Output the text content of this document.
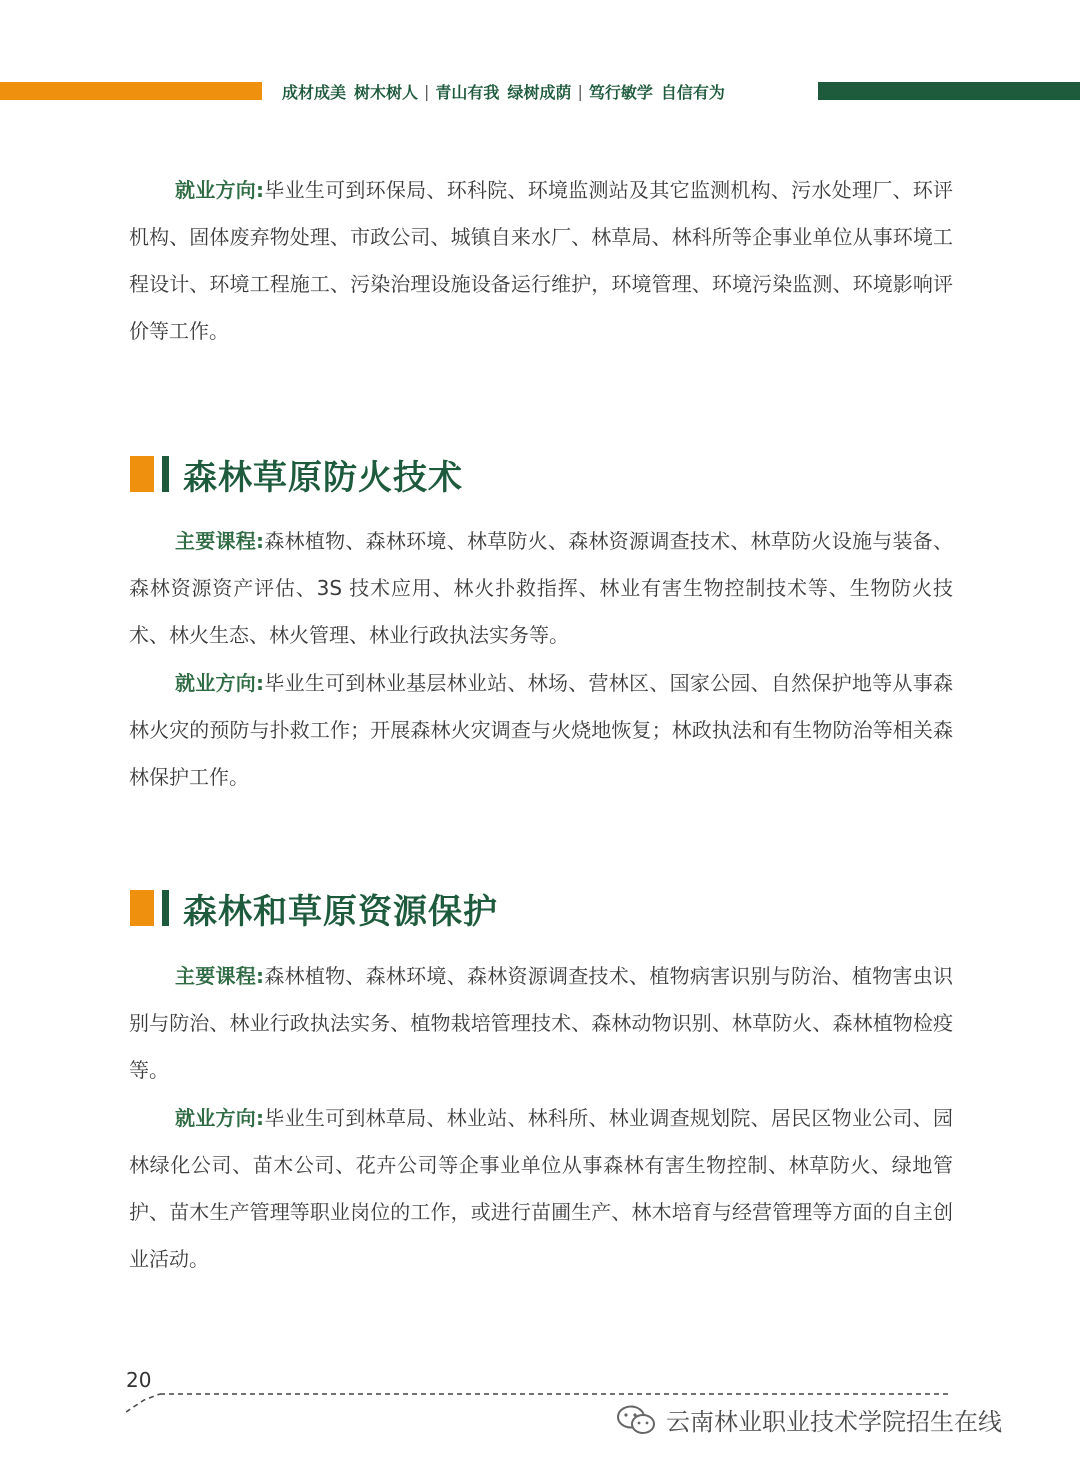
成材成美 树木树人 | 青山有我 绿树成荫 | 笃行敏学 自信有为

就业方向:毕业生可到环保局、环科院、环境监测站及其它监测机构、污水处理厂、环评机构、固体废弃物处理、市政公司、城镇自来水厂、林草局、林科所等企事业单位从事环境工程设计、环境工程施工、污染治理设施设备运行维护，环境管理、环境污染监测、环境影响评价等工作。

森林草原防火技术

主要课程:森林植物、森林环境、林草防火、森林资源调查技术、林草防火设施与装备、森林资源资产评估、3S 技术应用、林火扑救指挥、林业有害生物控制技术等、生物防火技术、林火生态、林火管理、林业行政执法实务等。

就业方向:毕业生可到林业基层林业站、林场、营林区、国家公园、自然保护地等从事森林火灾的预防与扑救工作；开展森林火灾调查与火烧地恢复；林政执法和有生物防治等相关森林保护工作。

森林和草原资源保护

主要课程:森林植物、森林环境、森林资源调查技术、植物病害识别与防治、植物害虫识别与防治、林业行政执法实务、植物栽培管理技术、森林动物识别、林草防火、森林植物检疫等。

就业方向:毕业生可到林草局、林业站、林科所、林业调查规划院、居民区物业公司、园林绿化公司、苗木公司、花卉公司等企事业单位从事森林有害生物控制、林草防火、绿地管护、苗木生产管理等职业岗位的工作，或进行苗圃生产、林木培育与经营管理等方面的自主创业活动。

20
云南林业职业技术学院招生在线
